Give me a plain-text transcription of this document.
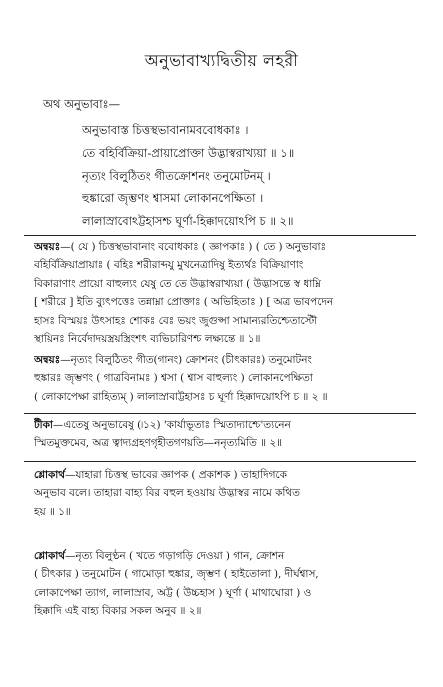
অনুভাবাখ্যদ্বিতীয় লহরী
অথ অনুভাবাঃ—
অনুভাবাস্ত চিত্তস্থভাবানামববোধকাঃ ।
তে বহির্বিক্রিয়া-প্রায়াপ্রোক্তা উদ্ভাস্বরাখ্যয়া ॥ ১॥
নৃত্যং বিলুঠিতং গীতক্রোশনং তনুমোটনম্ ।
হুঙ্কারো জৃম্ভণং শ্বাসমা লোকানপেক্ষিতা ।
লালাস্রাবোঽট্টহাসশ্চ ঘূর্ণা-হিক্কাদয়োঽপি চ ॥ ২॥
অন্বয়ঃ—( যে ) চিত্তস্থভাবানাং ববোধকাঃ ( জ্ঞাপকাঃ ) ( তে ) অনুভাবাঃ
বহির্বিক্রিয়াপ্রায়াঃ ( বহিঃ শরীরাব্দযু মুখনেত্রাদিষু ইত্যর্থঃ বিক্রিয়াণাং
বিকারাণাং প্রায়ো বাহুল্যং যেষু তে তে উদ্ভাস্বরাখ্যয়া ( উদ্ভাসন্তে স্ব ধাম্নি
[ শরীরে ] ইতি ব্যুৎপত্তেঃ তন্নাম্না প্রোক্তাঃ ( অভিহিতাঃ ) [ অত্র ভাবপদেন
হাসঃ বিস্ময়ঃ উৎসাহঃ শোকঃ বেঃ ভয়ং জুগুপ্সা সামান্যরতিশ্চেতাস্টৌ
স্থায়িনঃ নির্বেদাদয়স্ত্রয়স্ত্রিংশৎ ব্যভিচারিণশ্চ লক্ষ্যন্তে ॥ ১॥
অন্বয়ঃ—নৃত্যং বিলুঠিতং গীত(গানং) ক্রোশনং (চীৎকারঃ) তনুমোটনং
হুঙ্কারঃ জৃম্ভণং ( গাত্রবিনামঃ ) শ্বসা ( শ্বাস বাহুল্যং ) লোকানপেক্ষিতা
( লোকাপেক্ষা রাহিত্যম্ ) লালাস্রাবাট্টহাসঃ চ ঘূর্ণা হিক্কাদয়োঽপি চ ॥ ২ ॥
টীকা—এতেষু অনুভাবেষু (৷১২) 'কার্যাভূতাঃ স্মিতাদ্যাশ্চে'ত্যনেন
স্মিতমুক্তমেব, অত্র ত্বাদ্যগ্রহণগৃহীতগণয়তি—ননৃত্যমিতি ॥ ২॥
শ্লোকার্থ—যাহারা চিত্তস্থ ভাবের জ্ঞাপক ( প্রকাশক ) তাহাদিগকে
অনুভাব বলে। তাহারা বাহ্য বির বহুল হওয়ায় উদ্ভাস্বর নামে কথিত
হয় ॥ ১॥
শ্লোকার্থ—নৃত্য বিলুণ্ঠন ( খতে গড়াগড়ি দেওয়া ) গান, ক্রোশন
( চীৎকার ) তনুমোটন ( গামোড়া হুঙ্কার, জৃম্ভণ ( হাইতোলা ), দীর্ঘশ্বাস,
লোকাপেক্ষা ত্যাগ, লালাস্রাব, অট্ট ( উচ্চহাস ) ঘূর্ণা ( মাথাঘোরা ) ও
হিক্কাদি এই বাহ্য বিকার সকল অনুব ॥ ২॥
